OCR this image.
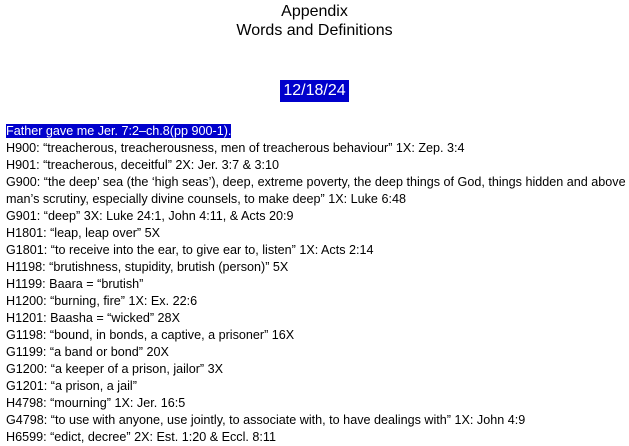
Appendix
Words and Definitions
12/18/24

Father gave me Jer. 7:2–ch.8(pp 900-1).

H900: “treacherous, treacherousness, men of treacherous behaviour” 1X: Zep. 3:4

H901: “treacherous, deceitful” 2X: Jer. 3:7 & 3:10

G900: “the deep’ sea (the ‘high seas’), deep, extreme poverty, the deep things of God, things hidden and above man’s scrutiny, especially divine counsels, to make deep” 1X: Luke 6:48

G901: “deep” 3X: Luke 24:1, John 4:11, & Acts 20:9

H1801: “leap, leap over” 5X

G1801: “to receive into the ear, to give ear to, listen” 1X: Acts 2:14

H1198: “brutishness, stupidity, brutish (person)” 5X

H1199: Baara = “brutish”

H1200: “burning, fire” 1X: Ex. 22:6

H1201: Baasha = “wicked” 28X

G1198: “bound, in bonds, a captive, a prisoner” 16X

G1199: “a band or bond” 20X

G1200: “a keeper of a prison, jailor” 3X

G1201: “a prison, a jail”

H4798: “mourning” 1X: Jer. 16:5

G4798: “to use with anyone, use jointly, to associate with, to have dealings with” 1X: John 4:9

H6599: “edict, decree” 2X: Est. 1:20 & Eccl. 8:11
